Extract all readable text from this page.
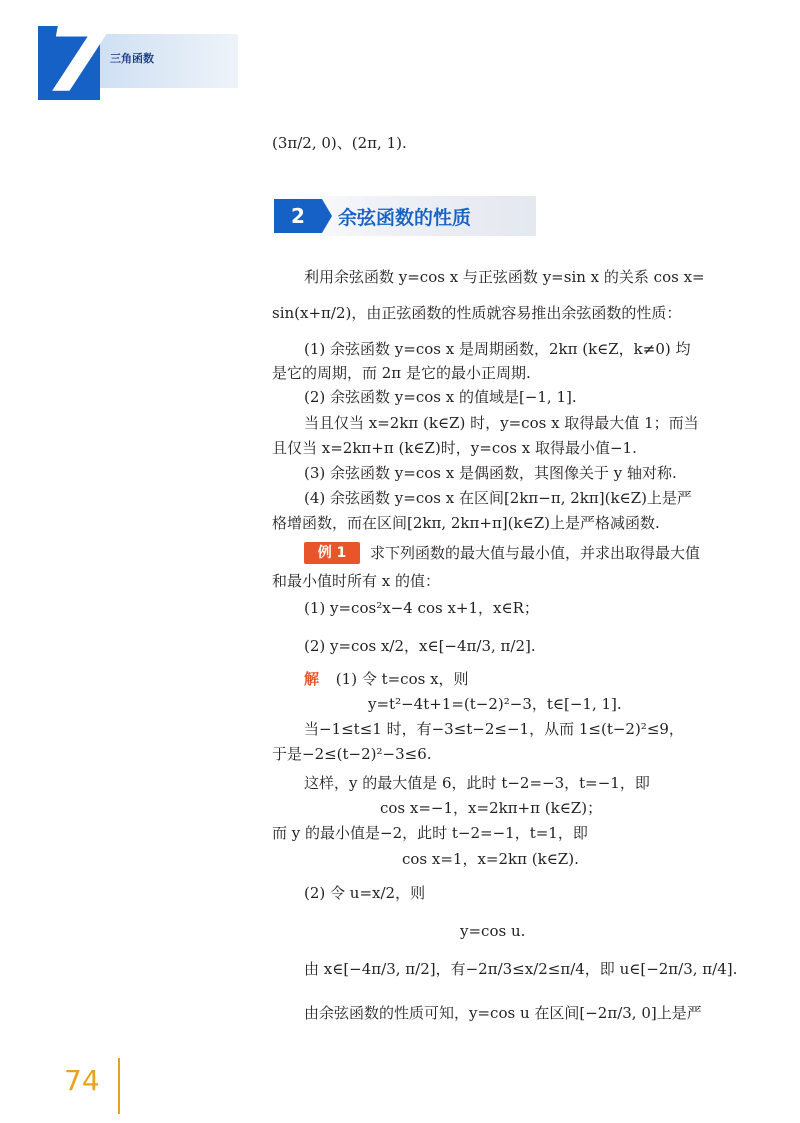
7 三角函数
(3π/2, 0)、(2π, 1).
2	余弦函数的性质
利用余弦函数 y=cos x 与正弦函数 y=sin x 的关系 cos x=
sin(x+π/2)，由正弦函数的性质就容易推出余弦函数的性质：
(1) 余弦函数 y=cos x 是周期函数，2kπ (k∈Z，k≠0) 均
是它的周期，而 2π 是它的最小正周期.
(2) 余弦函数 y=cos x 的值域是[−1, 1].
当且仅当 x=2kπ (k∈Z) 时，y=cos x 取得最大值 1；而当
且仅当 x=2kπ+π (k∈Z)时，y=cos x 取得最小值−1.
(3) 余弦函数 y=cos x 是偶函数，其图像关于 y 轴对称.
(4) 余弦函数 y=cos x 在区间[2kπ−π, 2kπ](k∈Z)上是严
格增函数，而在区间[2kπ, 2kπ+π](k∈Z)上是严格减函数.
例 1	求下列函数的最大值与最小值，并求出取得最大值
和最小值时所有 x 的值：
(1) y=cos²x−4 cos x+1，x∈R；
(2) y=cos x/2，x∈[−4π/3, π/2].
解 (1) 令 t=cos x，则
y=t²−4t+1=(t−2)²−3，t∈[−1, 1].
当−1≤t≤1 时，有−3≤t−2≤−1，从而 1≤(t−2)²≤9，
于是−2≤(t−2)²−3≤6.
这样，y 的最大值是 6，此时 t−2=−3，t=−1，即
cos x=−1，x=2kπ+π (k∈Z)；
而 y 的最小值是−2，此时 t−2=−1，t=1，即
cos x=1，x=2kπ (k∈Z).
(2) 令 u=x/2，则
y=cos u.
由 x∈[−4π/3, π/2]，有−2π/3≤x/2≤π/4，即 u∈[−2π/3, π/4].
由余弦函数的性质可知，y=cos u 在区间[−2π/3, 0]上是严
74
